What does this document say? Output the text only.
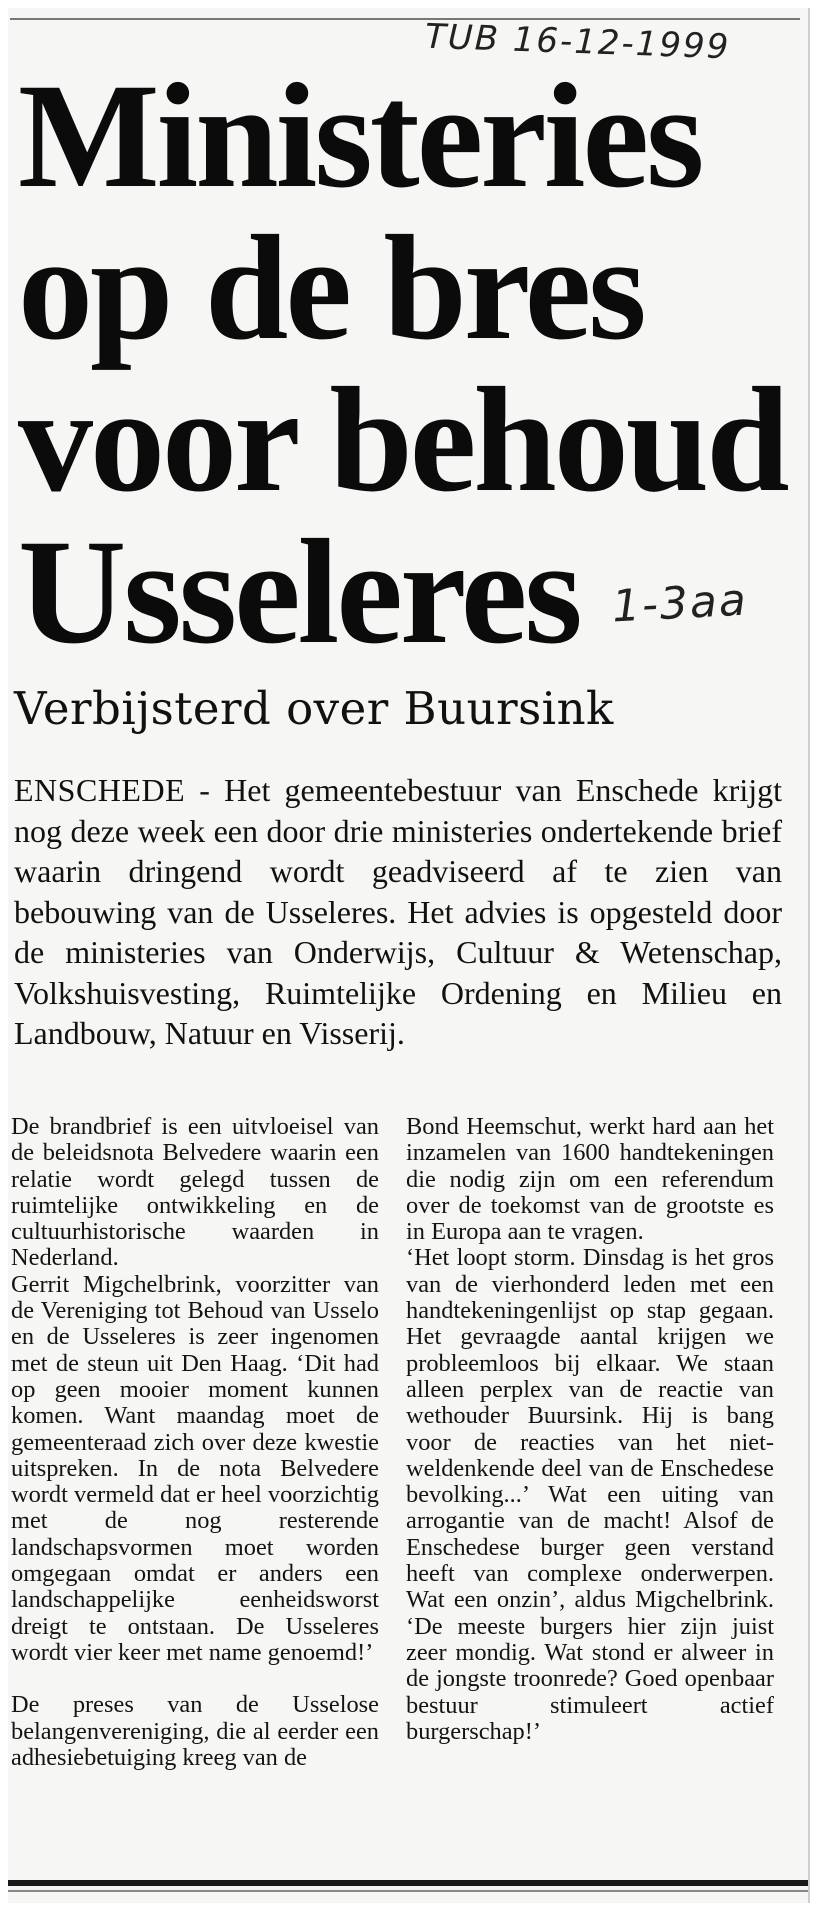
TUB 16-12-1999
Ministeries
op de bres
voor behoud
Usseleres 1-3aa
Verbijsterd over Buursink

ENSCHEDE - Het gemeentebestuur van Enschede krijgt nog deze week een door drie ministeries ondertekende brief waarin dringend wordt geadviseerd af te zien van bebouwing van de Usseleres. Het advies is opgesteld door de ministeries van Onderwijs, Cultuur & Wetenschap, Volkshuisvesting, Ruimtelijke Ordening en Milieu en Landbouw, Natuur en Visserij.

De brandbrief is een uitvloeisel van de beleidsnota Belvedere waarin een relatie wordt gelegd tussen de ruimtelijke ontwikkeling en de cultuurhistorische waarden in Nederland.

Gerrit Migchelbrink, voorzitter van de Vereniging tot Behoud van Usselo en de Usseleres is zeer ingenomen met de steun uit Den Haag. ‘Dit had op geen mooier moment kunnen komen. Want maandag moet de gemeenteraad zich over deze kwestie uitspreken. In de nota Belvedere wordt vermeld dat er heel voorzichtig met de nog resterende landschapsvormen moet worden omgegaan omdat er anders een landschappelijke eenheidsworst dreigt te ontstaan. De Usseleres wordt vier keer met name genoemd!’

De preses van de Usselose belangenvereniging, die al eerder een adhesiebetuiging kreeg van de

Bond Heemschut, werkt hard aan het inzamelen van 1600 handtekeningen die nodig zijn om een referendum over de toekomst van de grootste es in Europa aan te vragen.

‘Het loopt storm. Dinsdag is het gros van de vierhonderd leden met een handtekeningenlijst op stap gegaan. Het gevraagde aantal krijgen we probleemloos bij elkaar. We staan alleen perplex van de reactie van wethouder Buursink. Hij is bang voor de reacties van het niet-weldenkende deel van de Enschedese bevolking...’ Wat een uiting van arrogantie van de macht! Alsof de Enschedese burger geen verstand heeft van complexe onderwerpen. Wat een onzin’, aldus Migchelbrink. ‘De meeste burgers hier zijn juist zeer mondig. Wat stond er alweer in de jongste troonrede? Goed openbaar bestuur stimuleert actief burgerschap!’
